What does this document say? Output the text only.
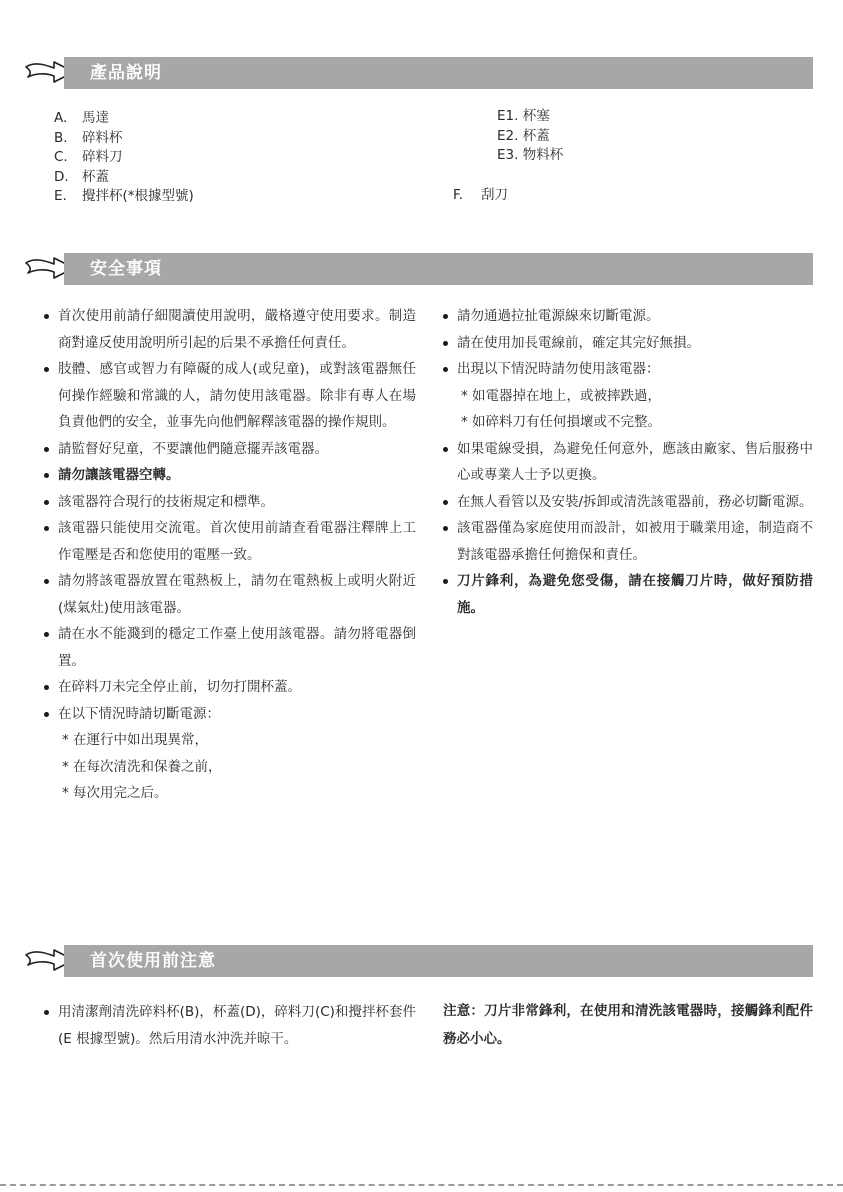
產品說明
A. 馬達
B. 碎料杯
C. 碎料刀
D. 杯蓋
E. 攪拌杯(*根據型號)
E1. 杯塞
E2. 杯蓋
E3. 物料杯
F. 刮刀
安全事項
首次使用前請仔細閱讀使用說明，嚴格遵守使用要求。制造商對違反使用說明所引起的后果不承擔任何責任。
肢體、感官或智力有障礙的成人(或兒童)，或對該電器無任何操作經驗和常識的人，請勿使用該電器。除非有專人在場負責他們的安全，並事先向他們解釋該電器的操作規則。
請監督好兒童，不要讓他們隨意擺弄該電器。
請勿讓該電器空轉。
該電器符合現行的技術規定和標準。
該電器只能使用交流電。首次使用前請查看電器注釋牌上工作電壓是否和您使用的電壓一致。
請勿將該電器放置在電熱板上，請勿在電熱板上或明火附近(煤氣灶)使用該電器。
請在水不能濺到的穩定工作臺上使用該電器。請勿將電器倒置。
在碎料刀未完全停止前，切勿打開杯蓋。
在以下情況時請切斷電源：
* 在運行中如出現異常，
* 在每次清洗和保養之前，
* 每次用完之后。
請勿通過拉扯電源線來切斷電源。
請在使用加長電線前，確定其完好無損。
出現以下情況時請勿使用該電器：
* 如電器掉在地上，或被摔跌過，
* 如碎料刀有任何損壞或不完整。
如果電線受損，為避免任何意外，應該由廠家、售后服務中心或專業人士予以更換。
在無人看管以及安裝/拆卸或清洗該電器前，務必切斷電源。
該電器僅為家庭使用而設計，如被用于職業用途，制造商不對該電器承擔任何擔保和責任。
刀片鋒利，為避免您受傷，請在接觸刀片時，做好預防措施。
首次使用前注意
用清潔劑清洗碎料杯(B)，杯蓋(D)，碎料刀(C)和攪拌杯套件(E 根據型號)。然后用清水沖洗并晾干。
注意：刀片非常鋒利，在使用和清洗該電器時，接觸鋒利配件務必小心。
